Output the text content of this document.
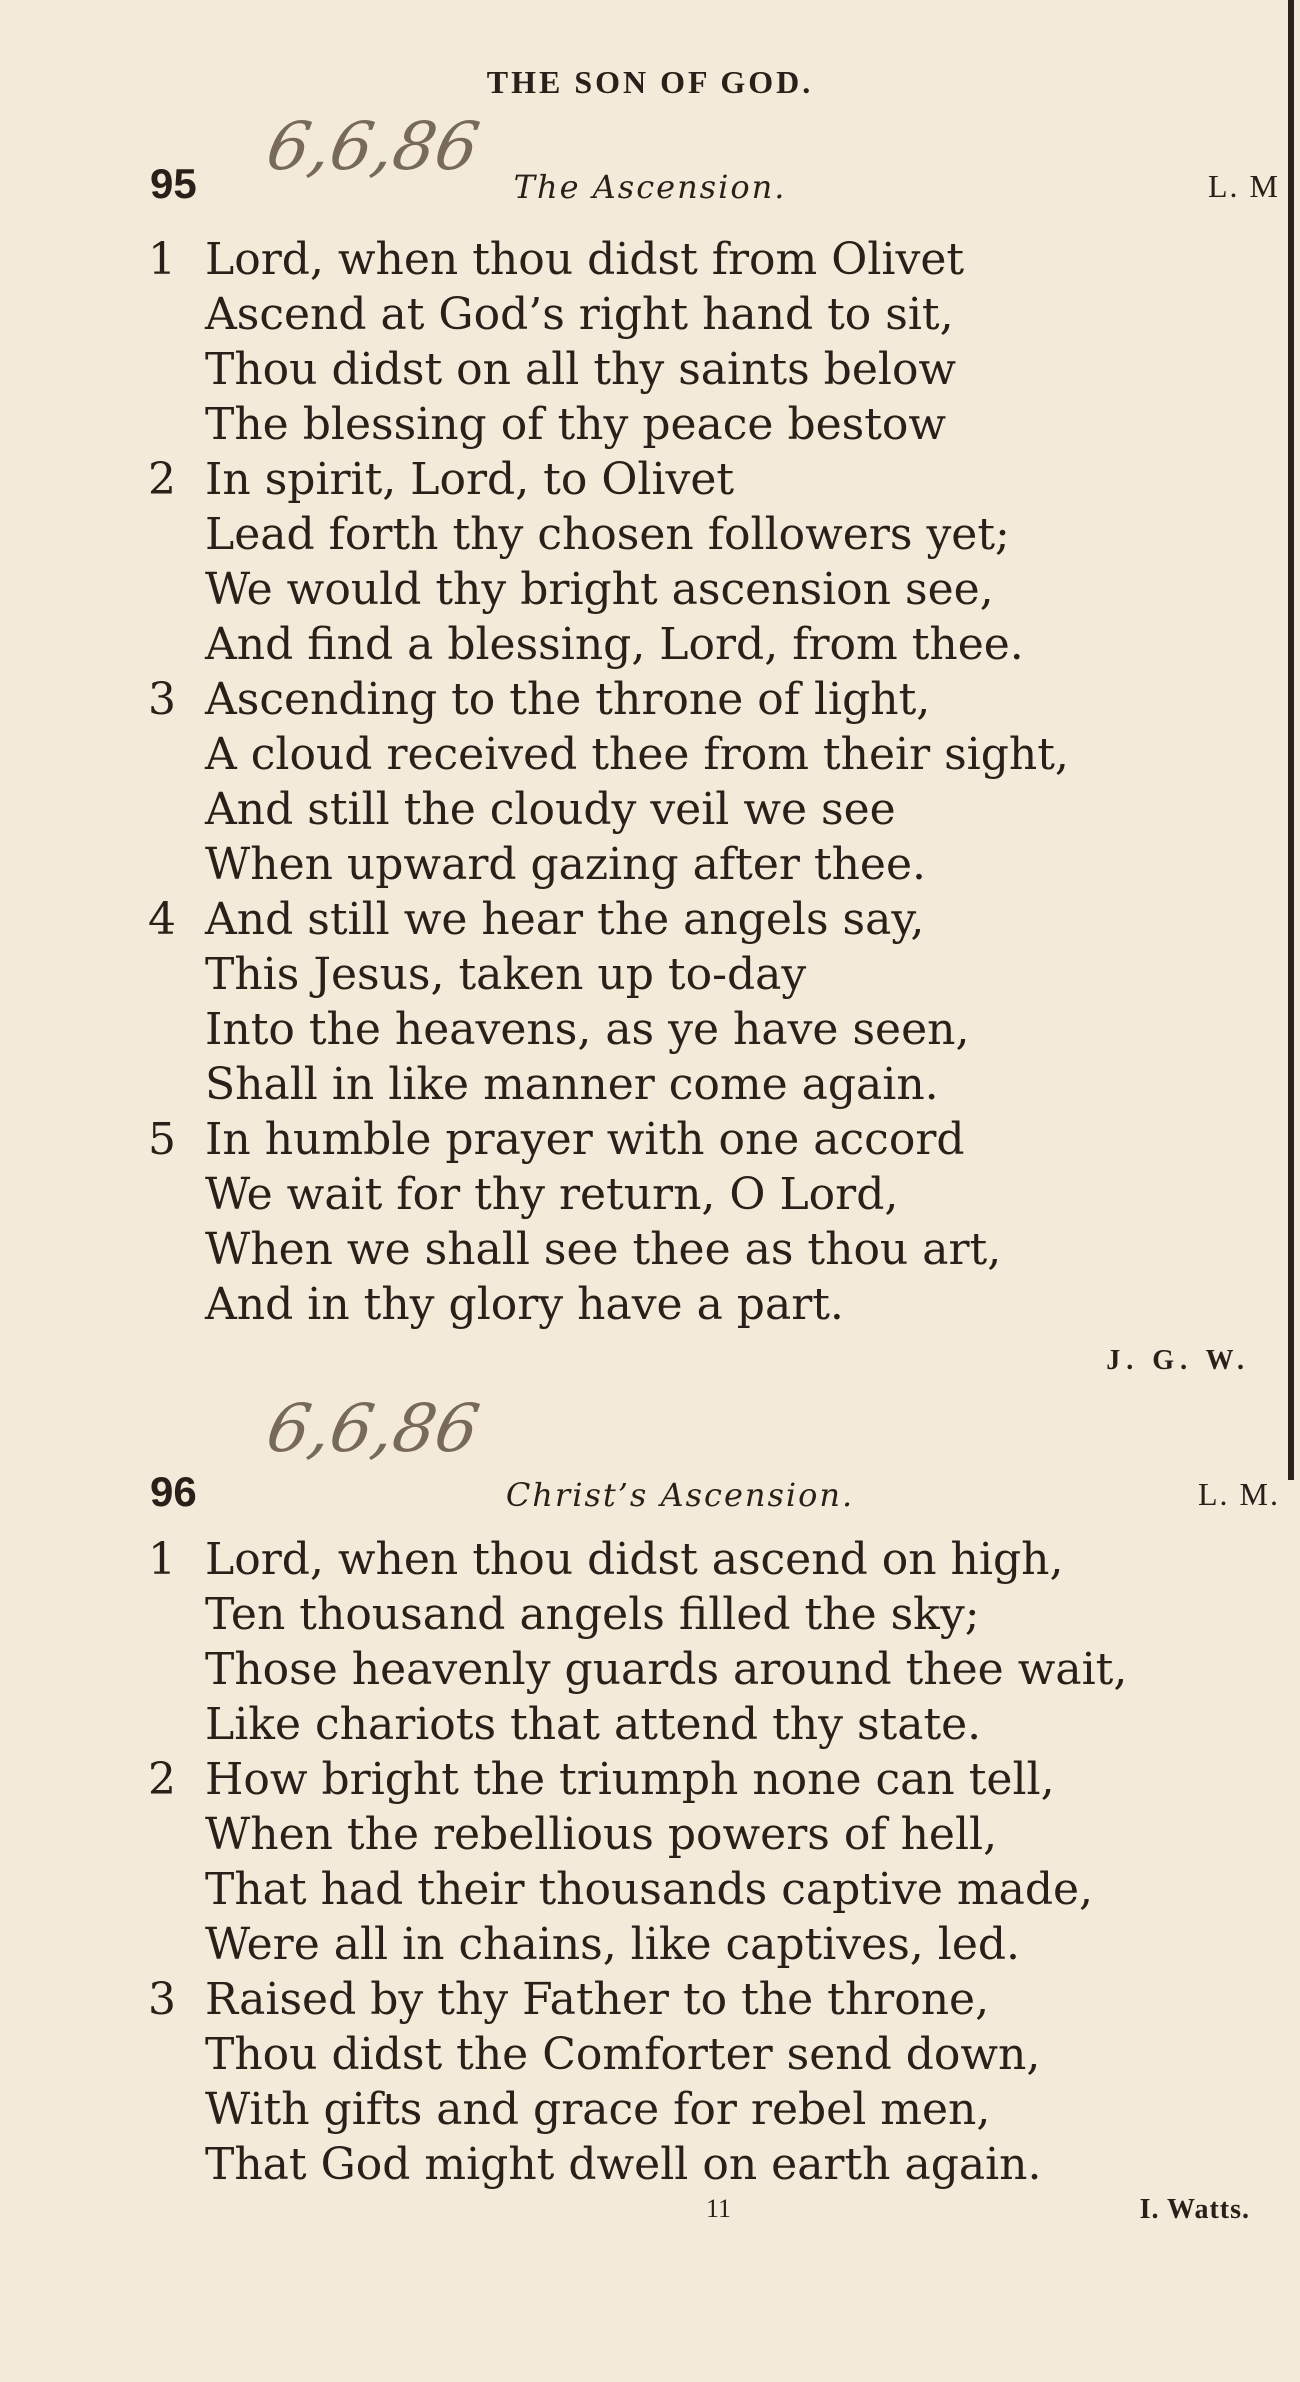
THE SON OF GOD.
6,6,86
95	The Ascension.	L. M
1 Lord, when thou didst from Olivet
Ascend at God’s right hand to sit,
Thou didst on all thy saints below
The blessing of thy peace bestow
2 In spirit, Lord, to Olivet
Lead forth thy chosen followers yet;
We would thy bright ascension see,
And find a blessing, Lord, from thee.
3 Ascending to the throne of light,
A cloud received thee from their sight,
And still the cloudy veil we see
When upward gazing after thee.
4 And still we hear the angels say,
This Jesus, taken up to-day
Into the heavens, as ye have seen,
Shall in like manner come again.
5 In humble prayer with one accord
We wait for thy return, O Lord,
When we shall see thee as thou art,
And in thy glory have a part.
J. G. W.
6,6,86
96	Christ’s Ascension.	L. M.
1 Lord, when thou didst ascend on high,
Ten thousand angels filled the sky;
Those heavenly guards around thee wait,
Like chariots that attend thy state.
2 How bright the triumph none can tell,
When the rebellious powers of hell,
That had their thousands captive made,
Were all in chains, like captives, led.
3 Raised by thy Father to the throne,
Thou didst the Comforter send down,
With gifts and grace for rebel men,
That God might dwell on earth again.
11	I. Watts.
